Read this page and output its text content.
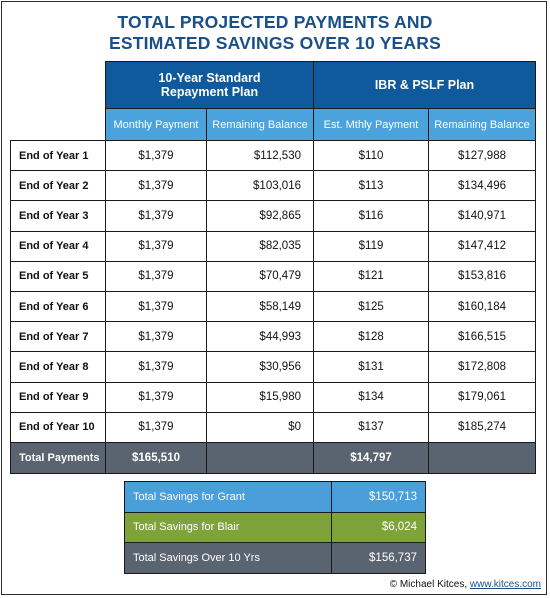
TOTAL PROJECTED PAYMENTS AND
ESTIMATED SAVINGS OVER 10 YEARS

	10-Year Standard
Repayment Plan		IBR & PSLF Plan	
	Monthly Payment	Remaining Balance	Est. Mthly Payment	Remaining Balance
End of Year 1	$1,379	$112,530	$110	$127,988
End of Year 2	$1,379	$103,016	$113	$134,496
End of Year 3	$1,379	$92,865	$116	$140,971
End of Year 4	$1,379	$82,035	$119	$147,412
End of Year 5	$1,379	$70,479	$121	$153,816
End of Year 6	$1,379	$58,149	$125	$160,184
End of Year 7	$1,379	$44,993	$128	$166,515
End of Year 8	$1,379	$30,956	$131	$172,808
End of Year 9	$1,379	$15,980	$134	$179,061
End of Year 10	$1,379	$0	$137	$185,274
Total Payments	$165,510		$14,797	
Total Savings for Grant	$150,713
Total Savings for Blair	$6,024
Total Savings Over 10 Yrs	$156,737
© Michael Kitces, www.kitces.com
